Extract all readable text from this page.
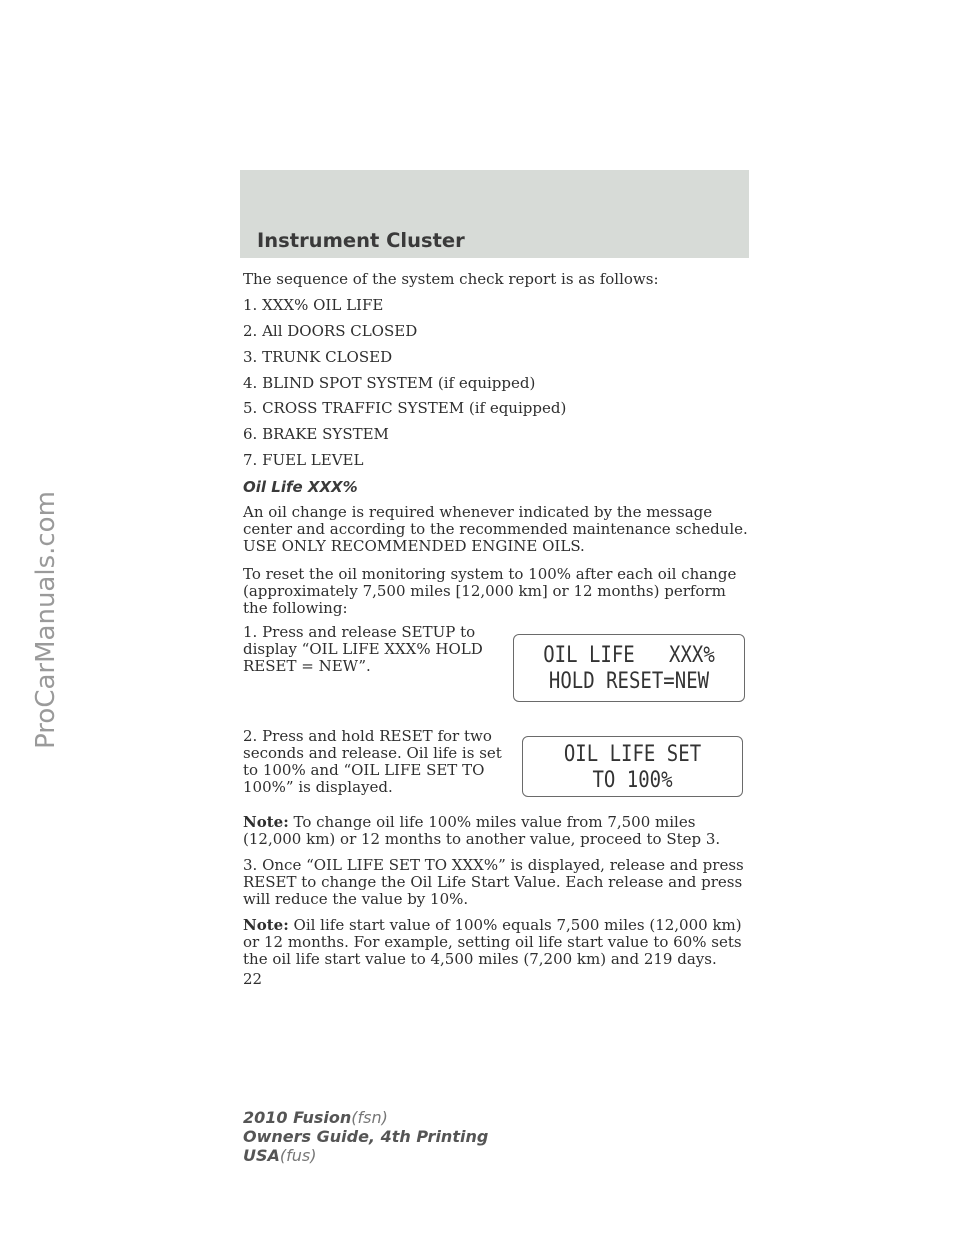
ProCarManuals.com
Instrument Cluster

The sequence of the system check report is as follows:

1. XXX% OIL LIFE

2. All DOORS CLOSED

3. TRUNK CLOSED

4. BLIND SPOT SYSTEM (if equipped)

5. CROSS TRAFFIC SYSTEM (if equipped)

6. BRAKE SYSTEM

7. FUEL LEVEL

Oil Life XXX%

An oil change is required whenever indicated by the message center and according to the recommended maintenance schedule. USE ONLY RECOMMENDED ENGINE OILS.

To reset the oil monitoring system to 100% after each oil change (approximately 7,500 miles [12,000 km] or 12 months) perform the following:

1. Press and release SETUP to display “OIL LIFE XXX% HOLD RESET = NEW”.	OIL LIFE   XXX%
HOLD RESET=NEW

2. Press and hold RESET for two seconds and release. Oil life is set to 100% and “OIL LIFE SET TO 100%” is displayed.

OIL LIFE SET
TO 100%

Note: To change oil life 100% miles value from 7,500 miles (12,000 km) or 12 months to another value, proceed to Step 3.

3. Once “OIL LIFE SET TO XXX%” is displayed, release and press RESET to change the Oil Life Start Value. Each release and press will reduce the value by 10%.

Note: Oil life start value of 100% equals 7,500 miles (12,000 km) or 12 months. For example, setting oil life start value to 60% sets the oil life start value to 4,500 miles (7,200 km) and 219 days.

22

2010 Fusion(fsn)
Owners Guide, 4th Printing
USA(fus)
